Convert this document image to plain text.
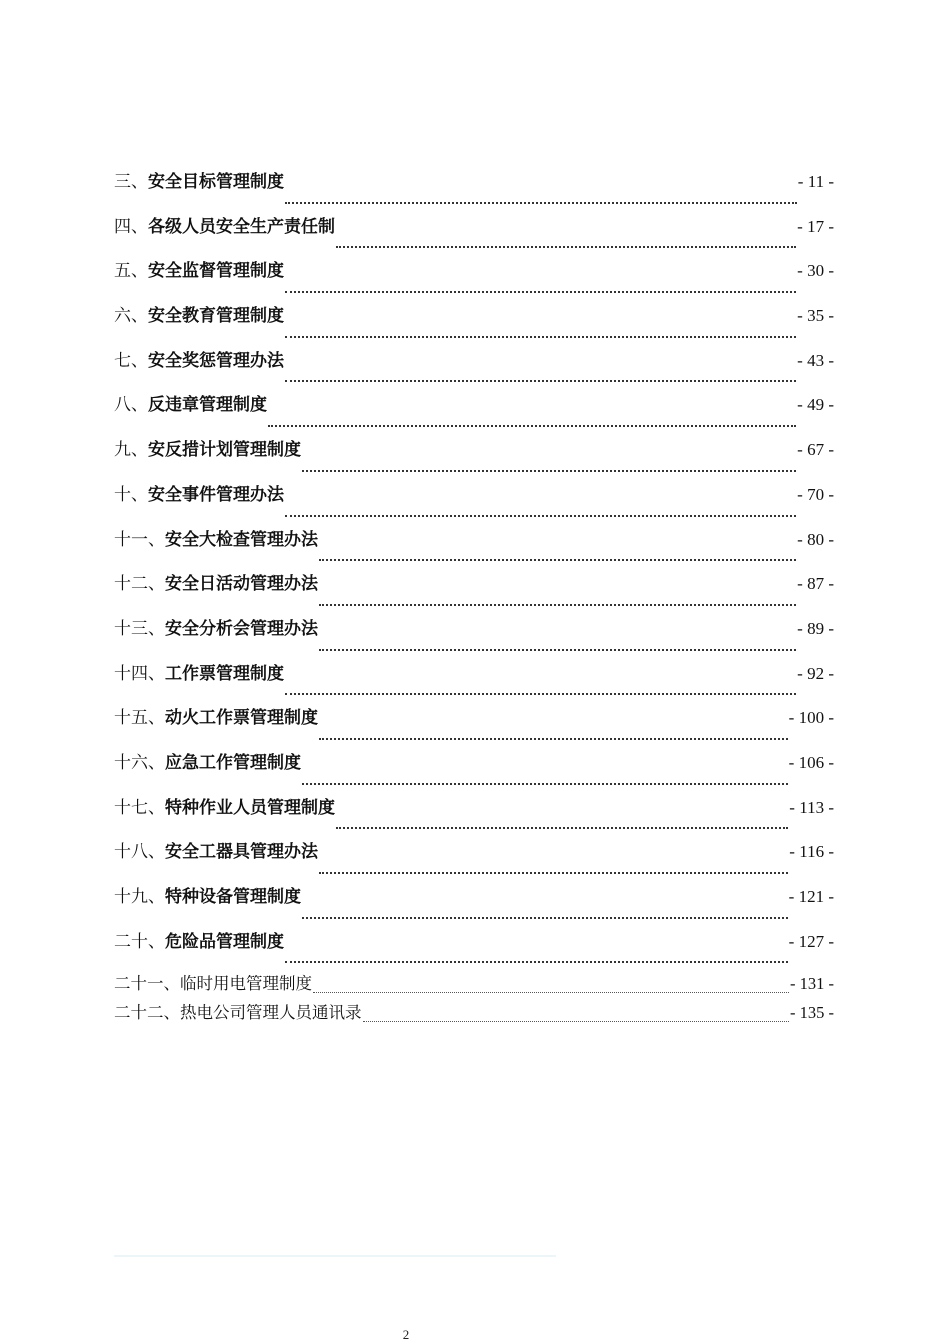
三、 安全目标管理制度	- 11 -
四、 各级人员安全生产责任制	- 17 -
五、 安全监督管理制度	- 30 -
六、 安全教育管理制度	- 35 -
七、 安全奖惩管理办法	- 43 -
八、 反违章管理制度	- 49 -
九、 安反措计划管理制度	- 67 -
十、 安全事件管理办法	- 70 -
十一、 安全大检查管理办法	- 80 -
十二、 安全日活动管理办法	- 87 -
十三、 安全分析会管理办法	- 89 -
十四、 工作票管理制度	- 92 -
十五、 动火工作票管理制度	- 100 -
十六、 应急工作管理制度	- 106 -
十七、 特种作业人员管理制度	- 113 -
十八、 安全工器具管理办法	- 116 -
十九、 特种设备管理制度	- 121 -
二十、 危险品管理制度	- 127 -
二十一、 临时用电管理制度	- 131 -
二十二、 热电公司管理人员通讯录	- 135 -
2
